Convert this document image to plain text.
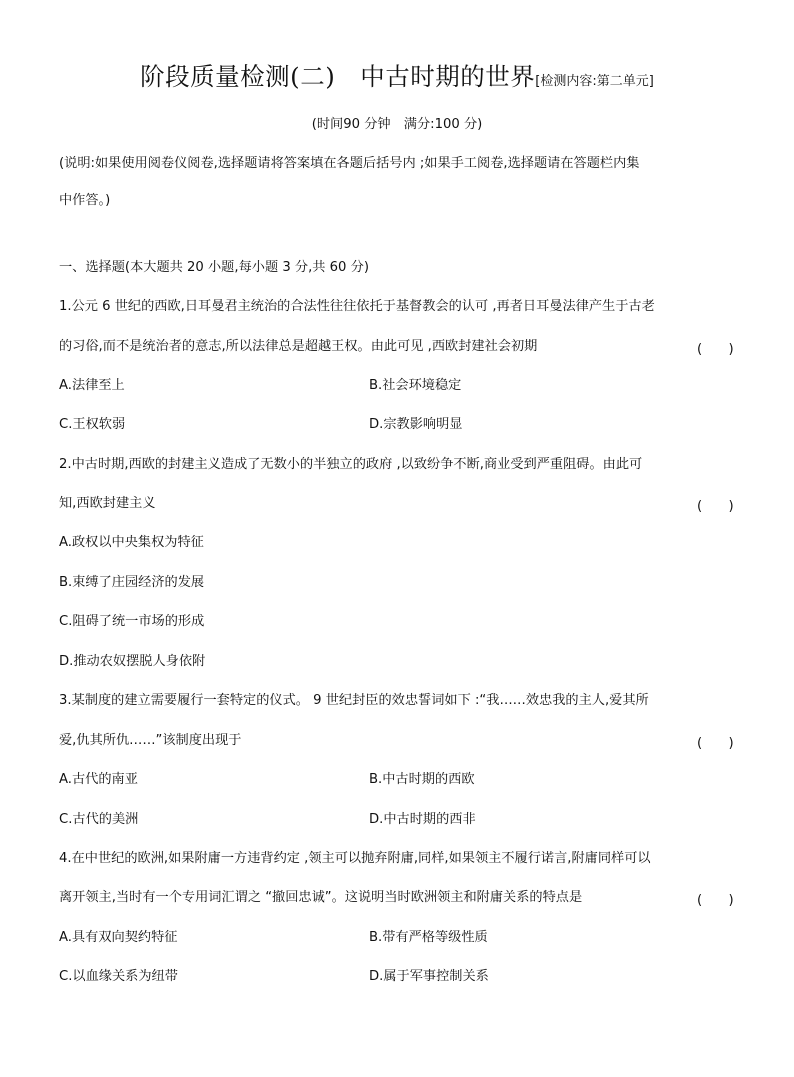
阶段质量检测(二)　中古时期的世界[检测内容:第二单元]
(时间90 分钟　满分:100 分)
(说明:如果使用阅卷仪阅卷,选择题请将答案填在各题后括号内 ;如果手工阅卷,选择题请在答题栏内集
中作答。)
一、选择题(本大题共 20 小题,每小题 3 分,共 60 分)
1.公元 6 世纪的西欧,日耳曼君主统治的合法性往往依托于基督教会的认可 ,再者日耳曼法律产生于古老
的习俗,而不是统治者的意志,所以法律总是超越王权。由此可见 ,西欧封建社会初期	(　　)
A.法律至上	B.社会环境稳定
C.王权软弱	D.宗教影响明显
2.中古时期,西欧的封建主义造成了无数小的半独立的政府 ,以致纷争不断,商业受到严重阻碍。由此可
知,西欧封建主义	(　　)
A.政权以中央集权为特征
B.束缚了庄园经济的发展
C.阻碍了统一市场的形成
D.推动农奴摆脱人身依附
3.某制度的建立需要履行一套特定的仪式。 9 世纪封臣的效忠誓词如下 :“我……效忠我的主人,爱其所
爱,仇其所仇……”该制度出现于	(　　)
A.古代的南亚	B.中古时期的西欧
C.古代的美洲	D.中古时期的西非
4.在中世纪的欧洲,如果附庸一方违背约定 ,领主可以抛弃附庸,同样,如果领主不履行诺言,附庸同样可以
离开领主,当时有一个专用词汇谓之 “撤回忠诚”。这说明当时欧洲领主和附庸关系的特点是	(　　)
A.具有双向契约特征	B.带有严格等级性质
C.以血缘关系为纽带	D.属于军事控制关系
